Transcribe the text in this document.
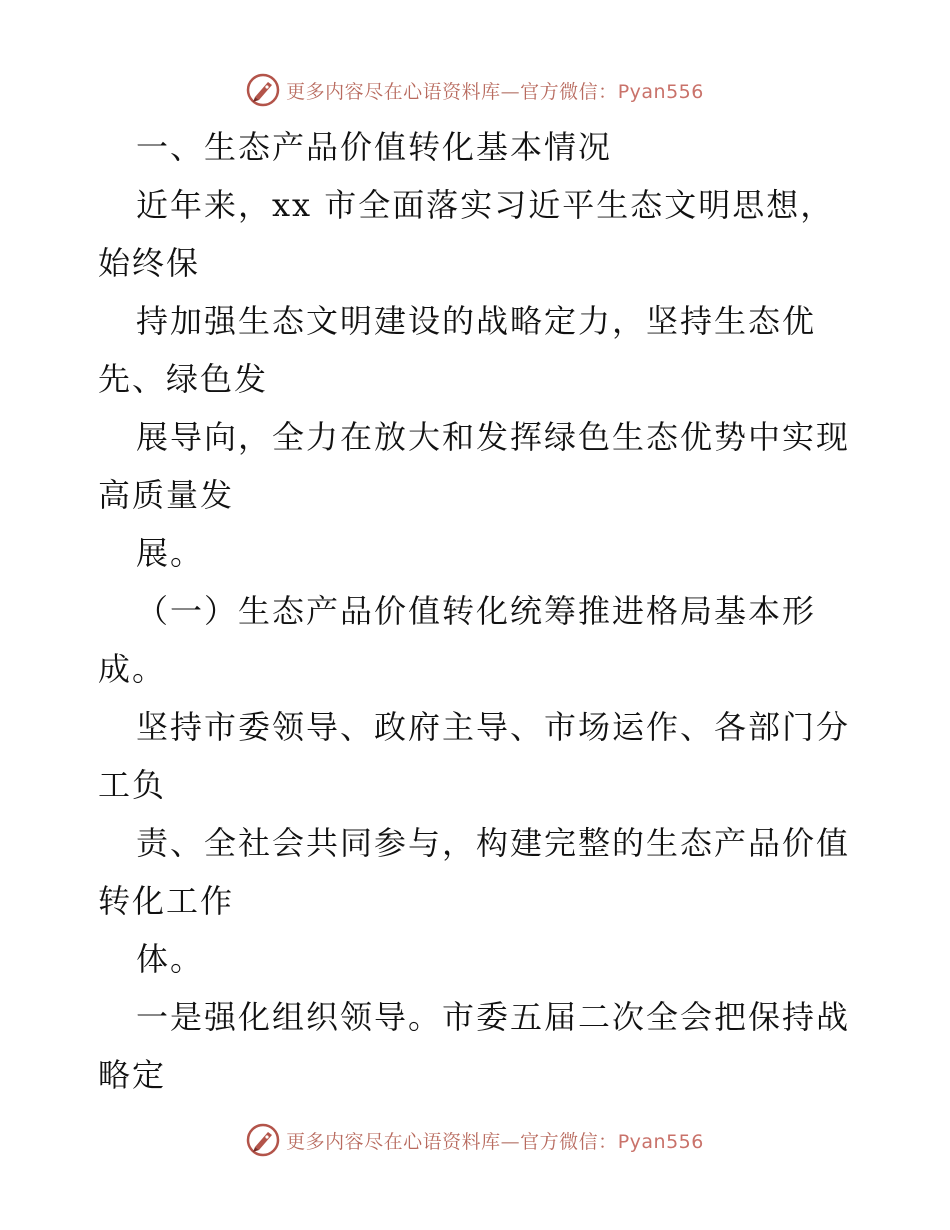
更多内容尽在心语资料库—官方微信：Pyan556
一、生态产品价值转化基本情况
近年来，xx 市全面落实习近平生态文明思想，
始终保
持加强生态文明建设的战略定力，坚持生态优
先、绿色发
展导向，全力在放大和发挥绿色生态优势中实现
高质量发
展。
（一）生态产品价值转化统筹推进格局基本形
成。
坚持市委领导、政府主导、市场运作、各部门分
工负
责、全社会共同参与，构建完整的生态产品价值
转化工作
体。
一是强化组织领导。市委五届二次全会把保持战
略定
更多内容尽在心语资料库—官方微信：Pyan556
